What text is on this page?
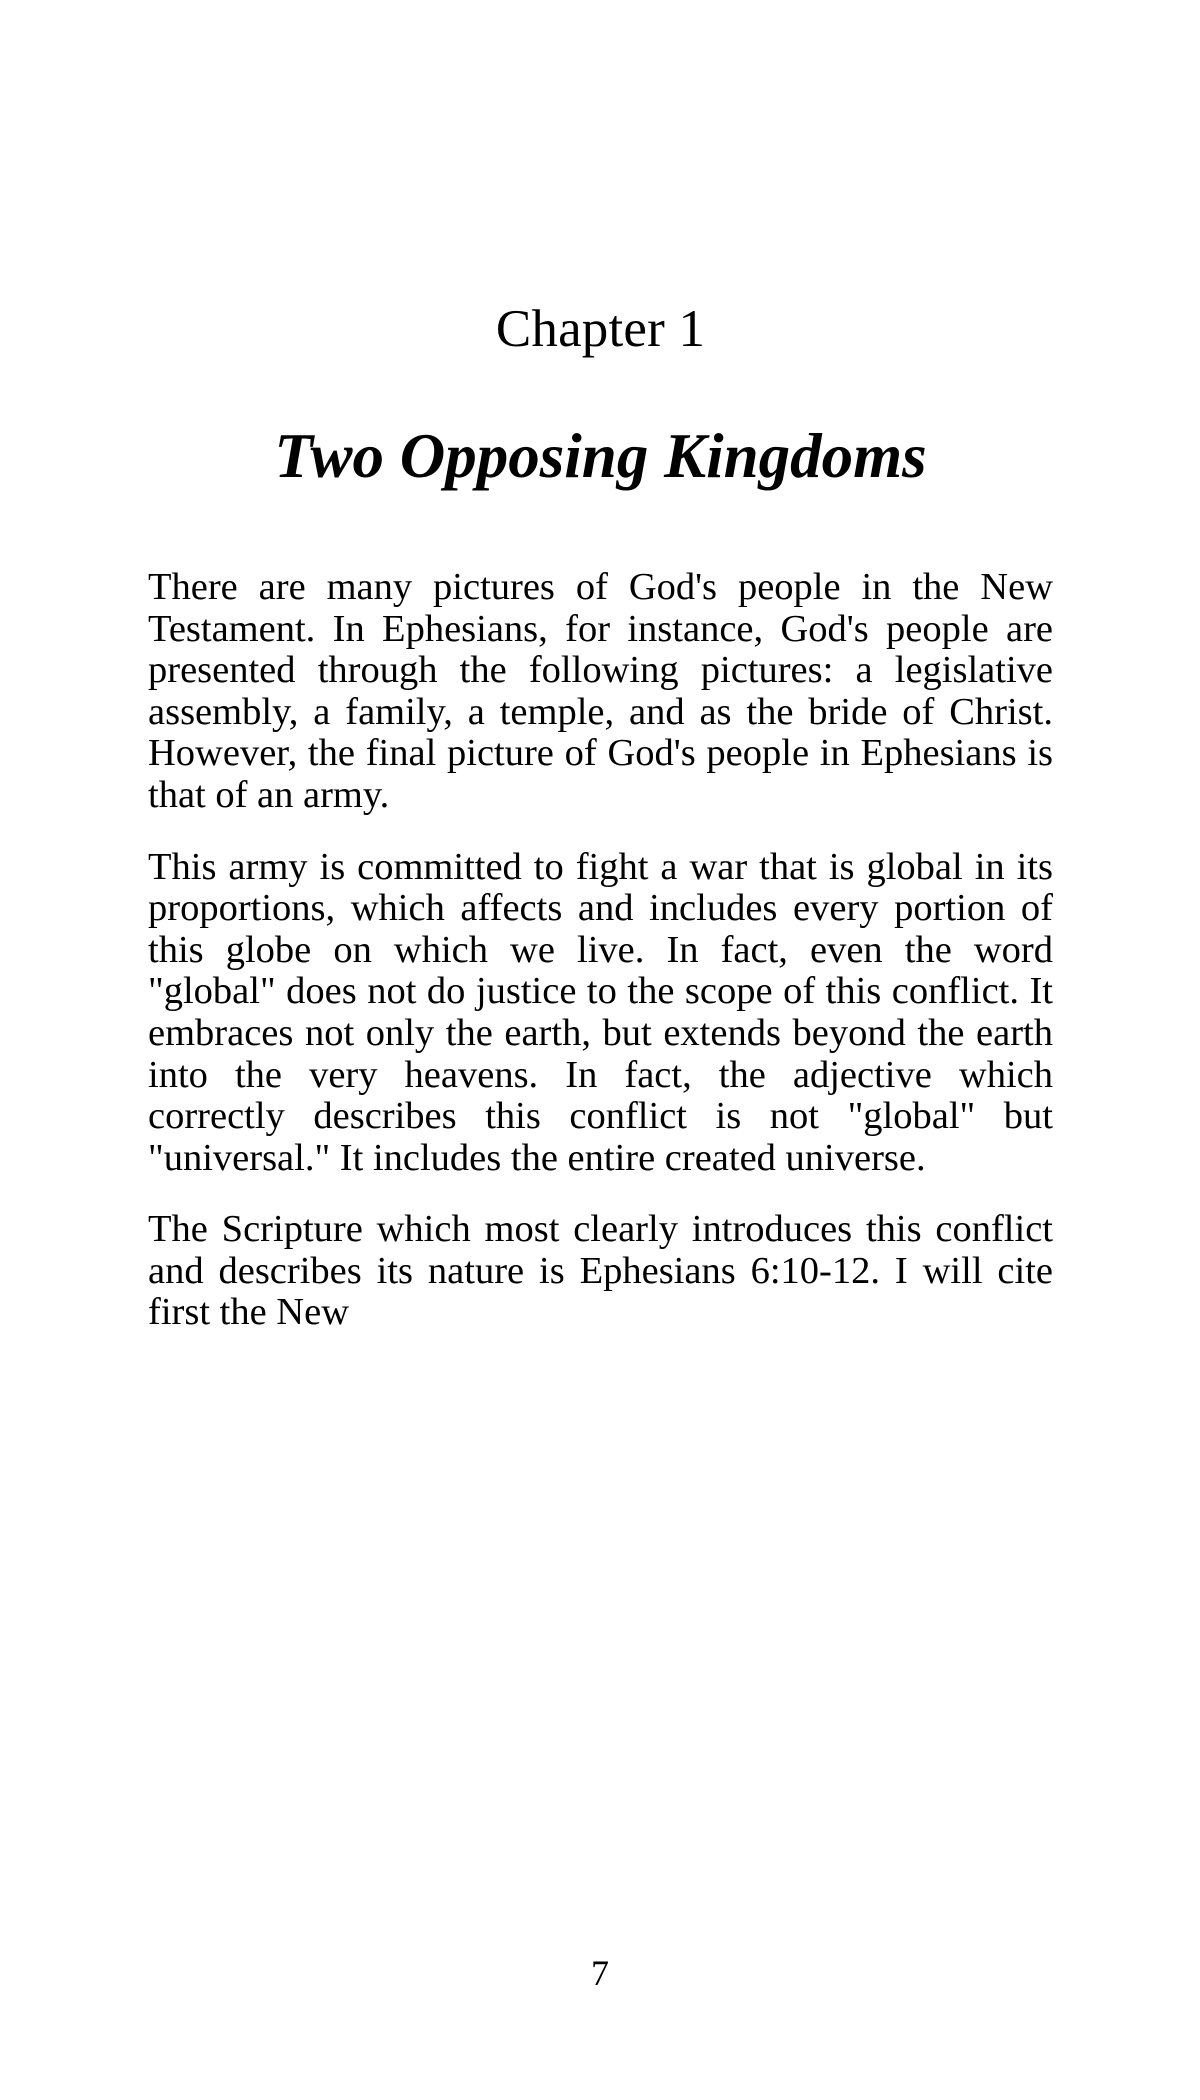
Chapter 1
Two Opposing Kingdoms

There are many pictures of God's people in the New Testament. In Ephesians, for instance, God's people are presented through the following pictures: a legislative assembly, a family, a temple, and as the bride of Christ. However, the final picture of God's people in Ephesians is that of an army.

This army is committed to fight a war that is global in its proportions, which affects and includes every portion of this globe on which we live. In fact, even the word "global" does not do justice to the scope of this conflict. It embraces not only the earth, but extends beyond the earth into the very heavens. In fact, the adjective which correctly describes this conflict is not "global" but "universal." It includes the entire created universe.

The Scripture which most clearly introduces this conflict and describes its nature is Ephesians 6:10-12. I will cite first the New

7
